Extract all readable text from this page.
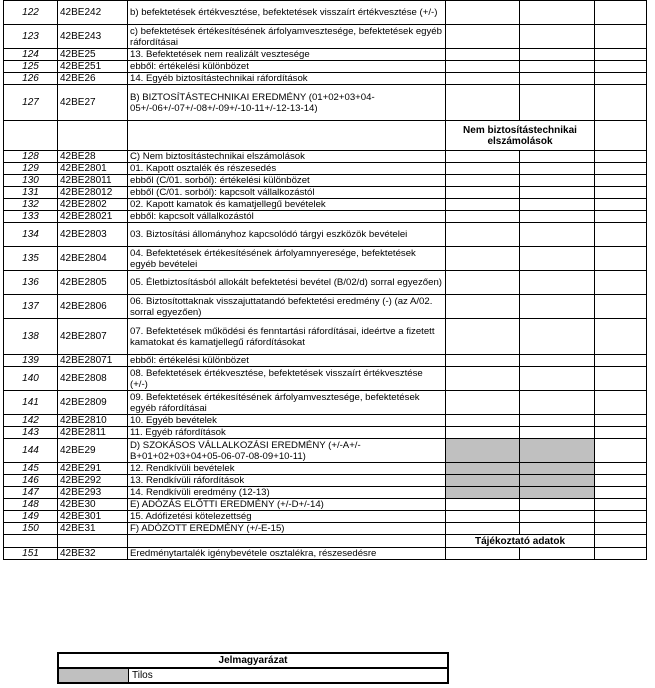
122	42BE242	b) befektetések értékvesztése, befektetések visszaírt értékvesztése (+/-)			
123	42BE243	c) befektetések értékesítésének árfolyamvesztesége, befektetések egyéb ráfordításai			
124	42BE25	13. Befektetések nem realizált vesztesége			
125	42BE251	ebből: értékelési különbözet			
126	42BE26	14. Egyéb biztosítástechnikai ráfordítások			
127	42BE27	B) BIZTOSÍTÁSTECHNIKAI EREDMÉNY (01+02+03+04-05+/-06+/-07+/-08+/-09+/-10-11+/-12-13-14)			
			Nem biztosítástechnikai elszámolások		
128	42BE28	C) Nem biztosítástechnikai elszámolások			
129	42BE2801	01. Kapott osztalék és részesedés			
130	42BE28011	ebből (C/01. sorból): értékelési különbözet			
131	42BE28012	ebből (C/01. sorból): kapcsolt vállalkozástól			
132	42BE2802	02. Kapott kamatok és kamatjellegű bevételek			
133	42BE28021	ebből: kapcsolt vállalkozástól			
134	42BE2803	03. Biztosítási állományhoz kapcsolódó tárgyi eszközök bevételei			
135	42BE2804	04. Befektetések értékesítésének árfolyamnyeresége, befektetések egyéb bevételei			
136	42BE2805	05. Életbiztosításból allokált befektetési bevétel (B/02/d) sorral egyezően)			
137	42BE2806	06. Biztosítottaknak visszajuttatandó befektetési eredmény (-) (az A/02. sorral egyezően)			
138	42BE2807	07. Befektetések működési és fenntartási ráfordításai, ideértve a fizetett kamatokat és kamatjellegű ráfordításokat			
139	42BE28071	ebből: értékelési különbözet			
140	42BE2808	08. Befektetések értékvesztése, befektetések visszaírt értékvesztése (+/-)			
141	42BE2809	09. Befektetések értékesítésének árfolyamvesztesége, befektetések egyéb ráfordításai			
142	42BE2810	10. Egyéb bevételek			
143	42BE2811	11. Egyéb ráfordítások			
144	42BE29	D) SZOKÁSOS VÁLLALKOZÁSI EREDMÉNY (+/-A+/-B+01+02+03+04+05-06-07-08-09+10-11)			
145	42BE291	12. Rendkívüli bevételek			
146	42BE292	13. Rendkívüli ráfordítások			
147	42BE293	14. Rendkívüli eredmény (12-13)			
148	42BE30	E) ADÓZÁS ELŐTTI EREDMÉNY (+/-D+/-14)			
149	42BE301	15. Adófizetési kötelezettség			
150	42BE31	F) ADÓZOTT EREDMÉNY (+/-E-15)			
			Tájékoztató adatok		
151	42BE32	Eredménytartalék igénybevétele osztalékra, részesedésre			
Jelmagyarázat
Tilos
